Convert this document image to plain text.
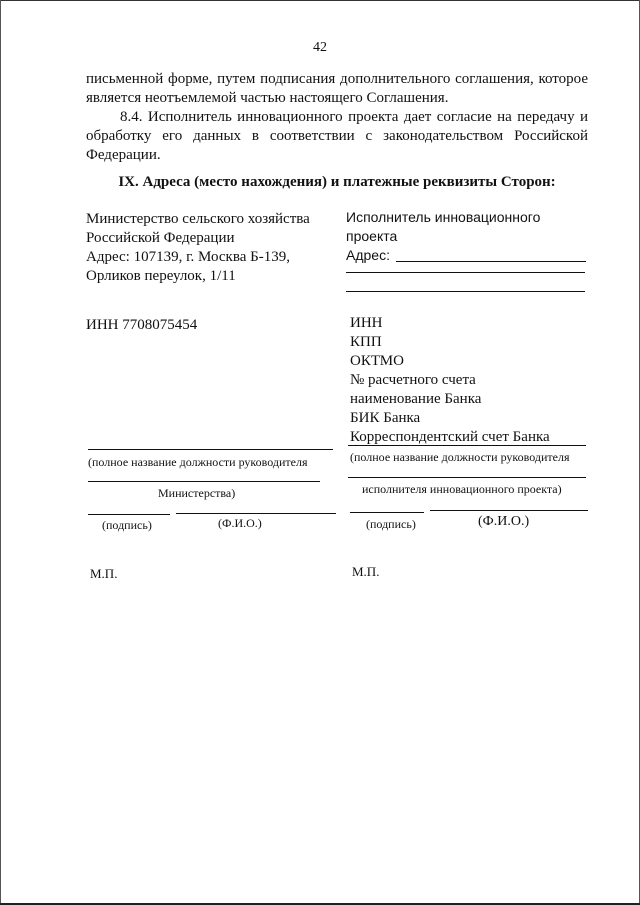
42
письменной форме, путем подписания дополнительного соглашения, которое является неотъемлемой частью настоящего Соглашения.
8.4. Исполнитель инновационного проекта дает согласие на передачу и обработку его данных в соответствии с законодательством Российской Федерации.
IX. Адреса (место нахождения) и платежные реквизиты Сторон:
Министерство сельского хозяйства
Российской Федерации
Адрес: 107139, г. Москва Б-139,
Орликов переулок, 1/11
ИНН 7708075454
Исполнитель инновационного
проекта
Адрес:
ИНН
КПП
ОКТМО
№ расчетного счета
наименование Банка
БИК Банка
Корреспондентский счет Банка
(полное название должности руководителя
Министерства)
(подпись)	(Ф.И.О.)
М.П.
(полное название должности руководителя
исполнителя инновационного проекта)
(подпись)	(Ф.И.О.)
М.П.
